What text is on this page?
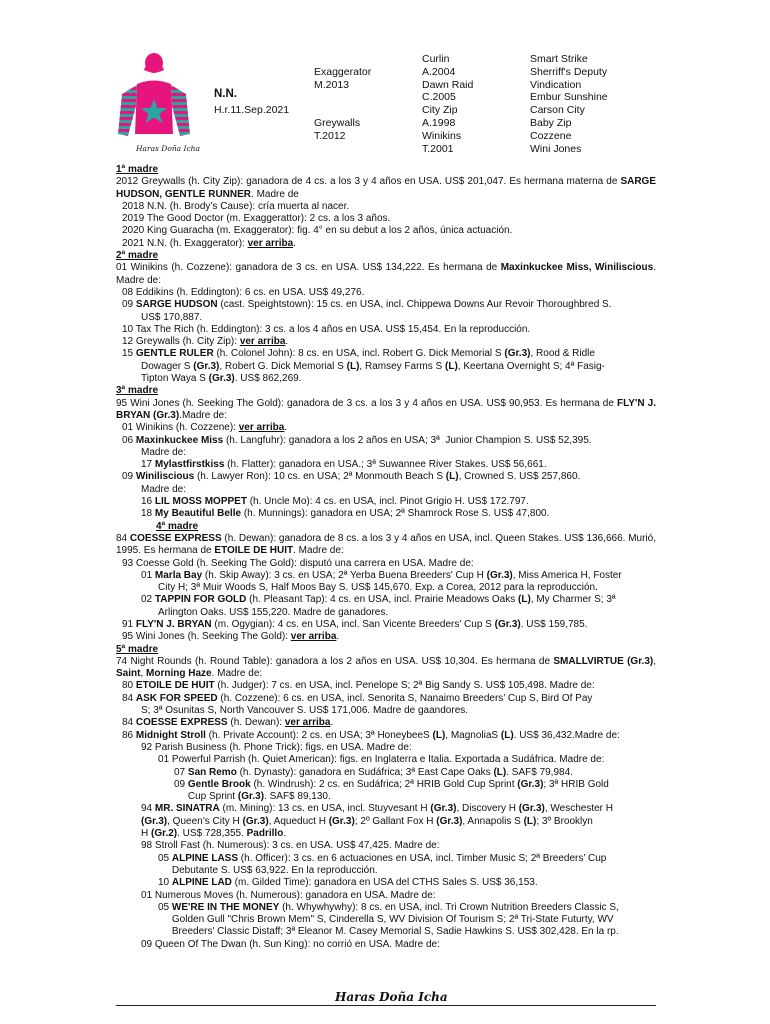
Haras Doña Icha
N.N.
H.r.11.Sep.2021
Exaggerator
M.2013
Greywalls
T.2012
Curlin
A.2004
Dawn Raid
C.2005
City Zip
A.1998
Winikins
T.2001
Smart Strike
Sherriff's Deputy
Vindication
Embur Sunshine
Carson City
Baby Zip
Cozzene
Wini Jones
1ª madre
2012 Greywalls (h. City Zip): ganadora de 4 cs. a los 3 y 4 años en USA. US$ 201,047. Es hermana materna de SARGE HUDSON, GENTLE RUNNER. Madre de
2018 N.N. (h. Brody’s Cause): cría muerta al nacer.
2019 The Good Doctor (m. Exaggerattor): 2 cs. a los 3 años.
2020 King Guaracha (m. Exaggerator): fig. 4° en su debut a los 2 años, única actuación.
2021 N.N. (h. Exaggerator): ver arriba.
2ª madre
01 Winikins (h. Cozzene): ganadora de 3 cs. en USA. US$ 134,222. Es hermana de Maxinkuckee Miss, Winiliscious. Madre de:
08 Eddikins (h. Eddington): 6 cs. en USA. US$ 49,276.
09 SARGE HUDSON (cast. Speightstown): 15 cs. en USA, incl. Chippewa Downs Aur Revoir Thoroughbred S.
US$ 170,887.
10 Tax The Rich (h. Eddington): 3 cs. a los 4 años en USA. US$ 15,454. En la reproducción.
12 Greywalls (h. City Zip): ver arriba.
15 GENTLE RULER (h. Colonel John): 8 cs. en USA, incl. Robert G. Dick Memorial S (Gr.3), Rood & Ridle
Dowager S (Gr.3), Robert G. Dick Memorial S (L), Ramsey Farms S (L), Keertana Overnight S; 4ª Fasig-
Tipton Waya S (Gr.3). US$ 862,269.
3ª madre
95 Wini Jones (h. Seeking The Gold): ganadora de 3 cs. a los 3 y 4 años en USA. US$ 90,953. Es hermana de FLY'N J. BRYAN (Gr.3).Madre de:
01 Winikins (h. Cozzene): ver arriba.
06 Maxinkuckee Miss (h. Langfuhr): ganadora a los 2 años en USA; 3ª  Junior Champion S. US$ 52,395.
Madre de:
17 Mylastfirstkiss (h. Flatter): ganadora en USA.; 3ª Suwannee River Stakes. US$ 56,661.
09 Winiliscious (h. Lawyer Ron): 10 cs. en USA; 2ª Monmouth Beach S (L), Crowned S. US$ 257,860.
Madre de:
16 LIL MOSS MOPPET (h. Uncle Mo): 4 cs. en USA, incl. Pinot Grigio H. US$ 172.797.
18 My Beautiful Belle (h. Munnings): ganadora en USA; 2ª Shamrock Rose S. US$ 47,800.
4ª madre
84 COESSE EXPRESS (h. Dewan): ganadora de 8 cs. a los 3 y 4 años en USA, incl. Queen Stakes. US$ 136,666. Murió, 1995. Es hermana de ETOILE DE HUIT. Madre de:
93 Coesse Gold (h. Seeking The Gold): disputó una carrera en USA. Madre de:
01 Marla Bay (h. Skip Away): 3 cs. en USA; 2ª Yerba Buena Breeders' Cup H (Gr.3), Miss America H, Foster
City H; 3ª Muir Woods S, Half Moos Bay S. US$ 145,670. Exp. a Corea, 2012 para la reproducción.
02 TAPPIN FOR GOLD (h. Pleasant Tap): 4 cs. en USA, incl. Prairie Meadows Oaks (L), My Charmer S; 3ª
Arlington Oaks. US$ 155,220. Madre de ganadores.
91 FLY'N J. BRYAN (m. Ogygian): 4 cs. en USA, incl. San Vicente Breeders' Cup S (Gr.3). US$ 159,785.
95 Wini Jones (h. Seeking The Gold): ver arriba.
5ª madre
74 Night Rounds (h. Round Table): ganadora a los 2 años en USA. US$ 10,304. Es hermana de SMALLVIRTUE (Gr.3), Saint, Morning Haze. Madre de:
80 ETOILE DE HUIT (h. Judger): 7 cs. en USA, incl. Penelope S; 2ª Big Sandy S. US$ 105,498. Madre de:
84 ASK FOR SPEED (h. Cozzene): 6 cs. en USA, incl. Senorita S, Nanaimo Breeders’ Cup S, Bird Of Pay
S; 3ª Osunitas S, North Vancouver S. US$ 171,006. Madre de gaandores.
84 COESSE EXPRESS (h. Dewan): ver arriba.
86 Midnight Stroll (h. Private Account): 2 cs. en USA; 3ª HoneybeeS (L), MagnoliaS (L). US$ 36,432.Madre de:
92 Parish Business (h. Phone Trick): figs. en USA. Madre de:
01 Powerful Parrish (h. Quiet American): figs. en Inglaterra e Italia. Exportada a Sudáfrica. Madre de:
07 San Remo (h. Dynasty): ganadora en Sudáfrica; 3ª East Cape Oaks (L). SAF$ 79,984.
09 Gentle Brook (h. Windrush): 2 cs. en Sudáfrica; 2ª HRIB Gold Cup Sprint (Gr.3); 3ª HRIB Gold
Cup Sprint (Gr.3). SAF$ 89,130.
94 MR. SINATRA (m. Mining): 13 cs. en USA, incl. Stuyvesant H (Gr.3), Discovery H (Gr.3), Weschester H
(Gr.3), Queen’s City H (Gr.3), Aqueduct H (Gr.3); 2º Gallant Fox H (Gr.3), Annapolis S (L); 3º Brooklyn
H (Gr.2). US$ 728,355. Padrillo.
98 Stroll Fast (h. Numerous): 3 cs. en USA. US$ 47,425. Madre de:
05 ALPINE LASS (h. Officer): 3 cs. en 6 actuaciones en USA, incl. Timber Music S; 2ª Breeders’ Cup
Debutante S. US$ 63,922. En la reproducción.
10 ALPINE LAD (m. Gilded Time): ganadora en USA del CTHS Sales S. US$ 36,153.
01 Numerous Moves (h. Numerous): ganadora en USA. Madre de:
05 WE'RE IN THE MONEY (h. Whywhywhy): 8 cs. en USA, incl. Tri Crown Nutrition Breeders Classic S,
Golden Gull "Chris Brown Mem" S, Cinderella S, WV Division Of Tourism S; 2ª Tri-State Futurty, WV
Breeders' Classic Distaff; 3ª Eleanor M. Casey Memorial S, Sadie Hawkins S. US$ 302,428. En la rp.
09 Queen Of The Dwan (h. Sun King): no corrió en USA. Madre de:
Haras Doña Icha
